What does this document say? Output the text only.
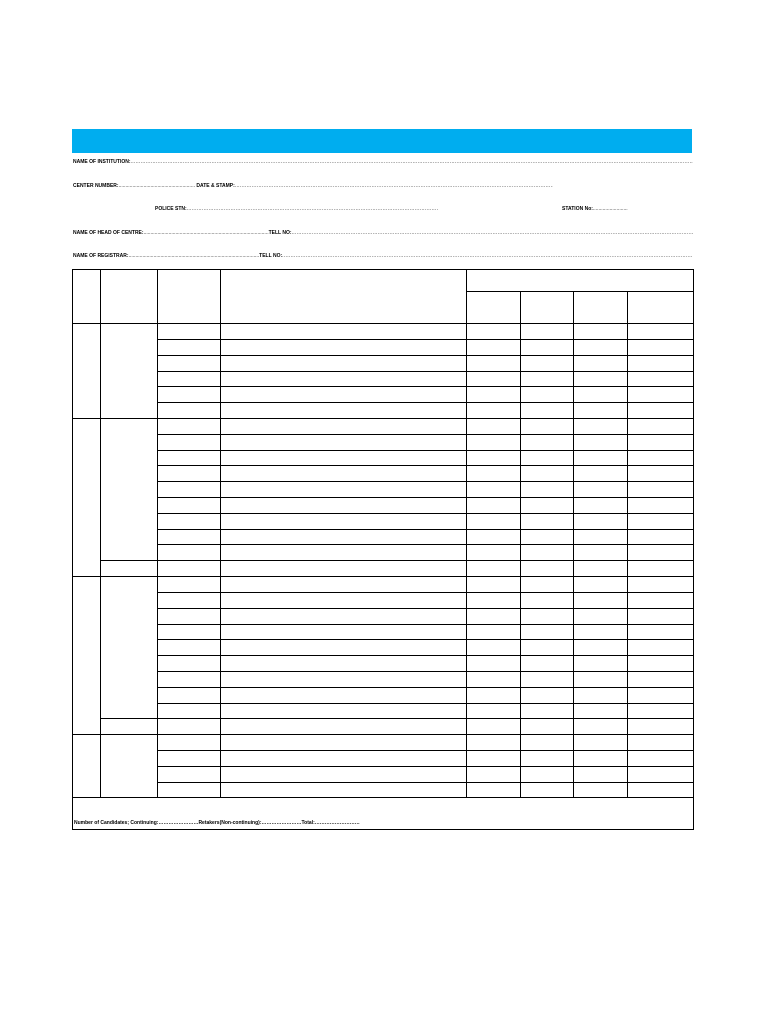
NAME OF INSTITUTION:.....
CENTER NUMBER:....................................................... DATE & STAMP:.....
POLICE STN: .....	STATION No:.........................
NAME OF HEAD OF CENTRE:..........................................................................................TELL NO:.....
NAME OF REGISTRAR:..............................................................................................TELL NO:.....

Number of Candidates; Continuing:……………………Retakers(Non-continuing):……………………Total:………………………								
